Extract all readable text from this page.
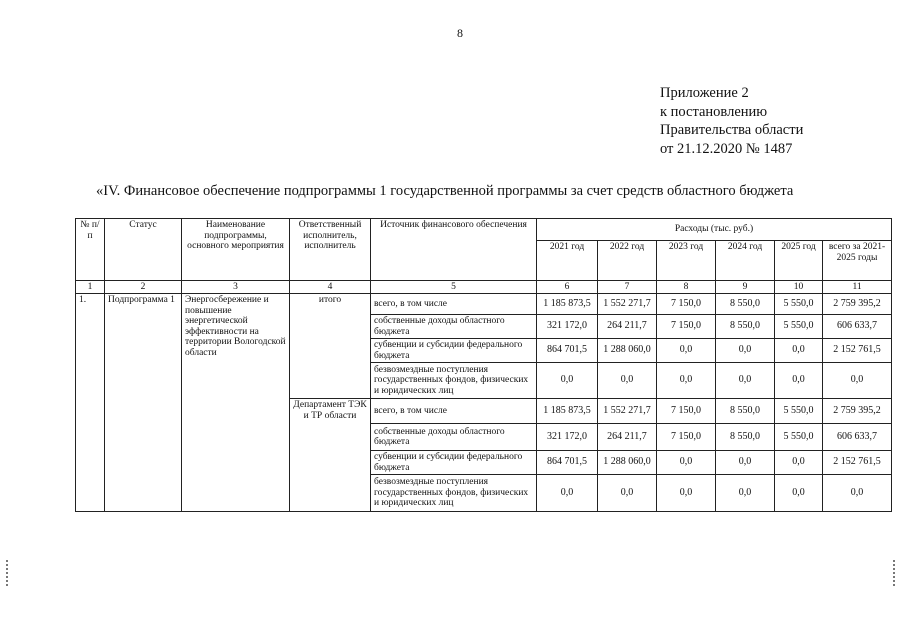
8
Приложение 2
к постановлению
Правительства области
от 21.12.2020 № 1487
«IV. Финансовое обеспечение подпрограммы 1 государственной программы за счет средств областного бюджета
№ п/п	Статус	Наименование подпрограммы, основного мероприятия	Ответственный исполнитель, исполнитель	Источник финансового обеспечения	Расходы (тыс. руб.)					
					2021 год	2022 год	2023 год	2024 год	2025 год	всего за 2021-2025 годы
1	2	3	4	5	6	7	8	9	10	11
1.	Подпрограмма 1	Энергосбережение и повышение энергетической эффективности на территории Вологодской области	итого	всего, в том числе	1 185 873,5	1 552 271,7	7 150,0	8 550,0	5 550,0	2 759 395,2
				собственные доходы областного бюджета	321 172,0	264 211,7	7 150,0	8 550,0	5 550,0	606 633,7
				субвенции и субсидии федерального бюджета	864 701,5	1 288 060,0	0,0	0,0	0,0	2 152 761,5
				безвозмездные поступления государственных фондов, физических и юридических лиц	0,0	0,0	0,0	0,0	0,0	0,0
			Департамент ТЭК и ТР области	всего, в том числе	1 185 873,5	1 552 271,7	7 150,0	8 550,0	5 550,0	2 759 395,2
				собственные доходы областного бюджета	321 172,0	264 211,7	7 150,0	8 550,0	5 550,0	606 633,7
				субвенции и субсидии федерального бюджета	864 701,5	1 288 060,0	0,0	0,0	0,0	2 152 761,5
				безвозмездные поступления государственных фондов, физических и юридических лиц	0,0	0,0	0,0	0,0	0,0	0,0
